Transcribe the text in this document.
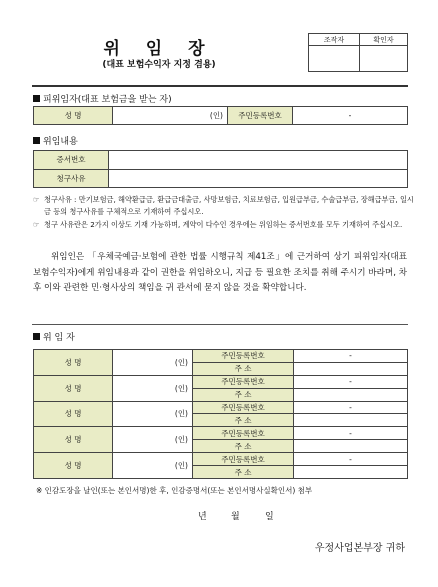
조작자	확인자

위 임 장
(대표 보험수익자 지정 겸용)
피위임자(대표 보험금을 받는 자)
성 명	(인)	주민등록번호	-
위임내용
증서번호	
청구사유	
☞ 청구사유 : 만기보험금, 해약환급금, 환급금대출금, 사망보험금, 치료보험금, 입원급부금, 수술급부금, 장해급부금, 일시금 등의 청구사유를 구체적으로 기재하여 주십시오.
☞ 청구 사유란은 2가지 이상도 기재 가능하며, 계약이 다수인 경우에는 위임하는 증서번호를 모두 기재하여 주십시오.
위임인은 「우체국예금·보험에 관한 법률 시행규칙 제41조」에 근거하여 상기 피위임자(대표 보험수익자)에게 위임내용과 같이 권한을 위임하오니, 지급 등 필요한 조치를 취해 주시기 바라며, 차후 이와 관련한 민·형사상의 책임을 귀 관서에 묻지 않을 것을 확약합니다.
위 임 자
성 명	(인)	주민등록번호	-
		주 소	
성 명	(인)	주민등록번호	-
		주 소	
성 명	(인)	주민등록번호	-
		주 소	
성 명	(인)	주민등록번호	-
		주 소	
성 명	(인)	주민등록번호	-
		주 소	
※ 인감도장을 날인(또는 본인서명)한 후, 인감증명서(또는 본인서명사실확인서) 첨부
년	월	일
우정사업본부장 귀하
